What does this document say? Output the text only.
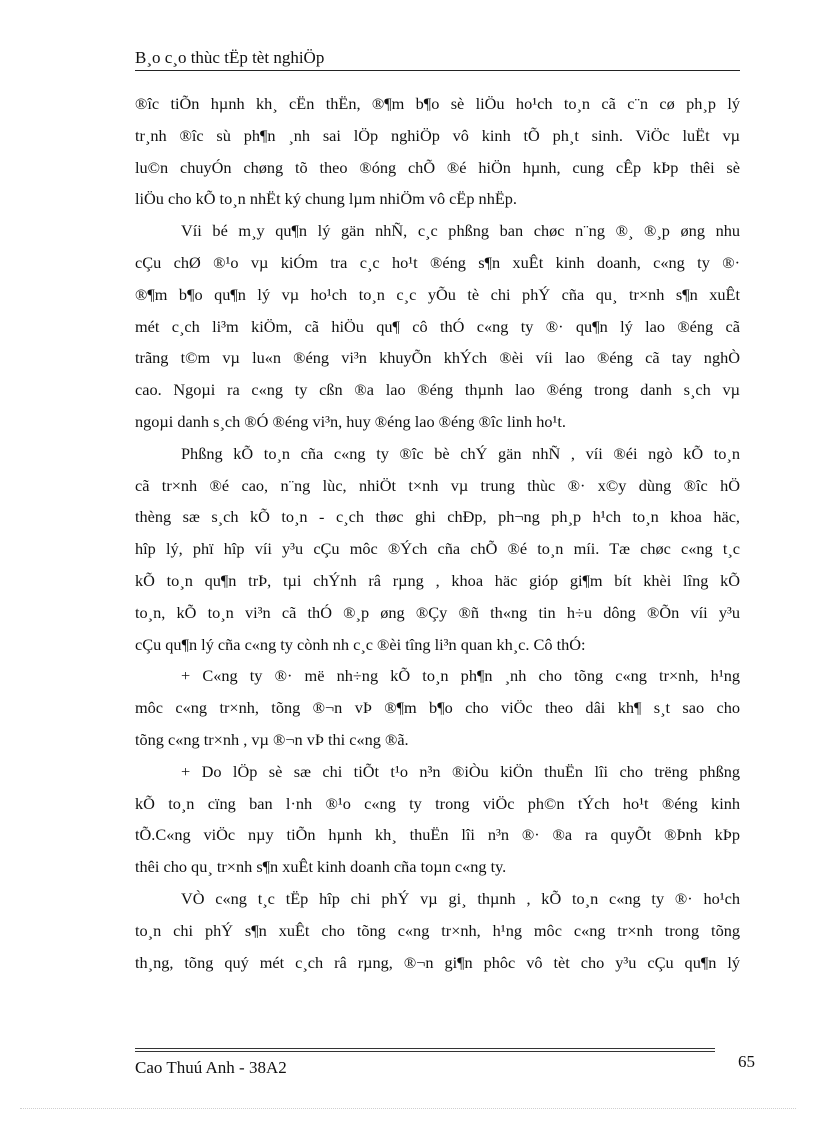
B¸o c¸o thùc tËp tèt nghiÖp
®îc tiÕn hµnh kh¸ cËn thËn, ®¶m b¶o sè liÖu ho¹ch to¸n cã c¨n cø ph¸p lý
tr¸nh ®îc sù ph¶n ¸nh sai lÖp nghiÖp vô kinh tÕ ph¸t sinh. ViÖc luËt vµ
lu©n chuyÓn chøng tõ theo ®óng chÕ ®é hiÖn hµnh, cung cÊp kÞp thêi sè
liÖu cho kÕ to¸n nhËt ký chung lµm nhiÖm vô cËp nhËp.
Víi bé m¸y qu¶n lý gän nhÑ, c¸c phßng ban chøc n¨ng ®¸ ®¸p øng nhu
cÇu chØ ®¹o vµ kiÓm tra c¸c ho¹t ®éng s¶n xuÊt kinh doanh, c«ng ty ®·
®¶m b¶o qu¶n lý vµ ho¹ch to¸n c¸c yÕu tè chi phÝ cña qu¸ tr×nh s¶n xuÊt
mét c¸ch li³m kiÖm, cã hiÖu qu¶ cô thÓ c«ng ty ®· qu¶n lý lao ®éng cã
trãng t©m vµ lu«n ®éng vi³n khuyÕn khÝch ®èi víi lao ®éng cã tay nghÒ
cao. Ngoµi ra c«ng ty cßn ®a lao ®éng thµnh lao ®éng trong danh s¸ch vµ
ngoµi danh s¸ch ®Ó ®éng vi³n, huy ®éng lao ®éng ®îc linh ho¹t.
Phßng kÕ to¸n cña c«ng ty ®îc bè chÝ gän nhÑ , víi ®éi ngò kÕ to¸n
cã tr×nh ®é cao, n¨ng lùc, nhiÖt t×nh vµ trung thùc ®· x©y dùng ®îc hÖ
thèng sæ s¸ch kÕ to¸n - c¸ch thøc ghi chÐp, ph¬ng ph¸p h¹ch to¸n khoa häc,
hîp lý, phï hîp víi y³u cÇu môc ®Ých cña chÕ ®é to¸n míi. Tæ chøc c«ng t¸c
kÕ to¸n qu¶n trÞ, tµi chÝnh râ rµng , khoa häc gióp gi¶m bít khèi lîng kÕ
to¸n, kÕ to¸n vi³n cã thÓ ®¸p øng ®Çy ®ñ th«ng tin h÷u dông ®Õn víi y³u
cÇu qu¶n lý cña c«ng ty cònh nh c¸c ®èi tîng li³n quan kh¸c. Cô thÓ:
+ C«ng ty ®· më nh÷ng kÕ to¸n ph¶n ¸nh cho tõng c«ng tr×nh, h¹ng
môc c«ng tr×nh, tõng ®¬n vÞ ®¶m b¶o cho viÖc theo dâi kh¶ s¸t sao cho
tõng c«ng tr×nh , vµ ®¬n vÞ thi c«ng ®ã.
+ Do lÖp sè sæ chi tiÕt t¹o n³n ®iÒu kiÖn thuËn lîi cho trëng phßng
kÕ to¸n cïng ban l·nh ®¹o c«ng ty trong viÖc ph©n tÝch ho¹t ®éng kinh
tÕ.C«ng viÖc nµy tiÕn hµnh kh¸ thuËn lîi n³n ®· ®a ra quyÕt ®Þnh kÞp
thêi cho qu¸ tr×nh s¶n xuÊt kinh doanh cña toµn c«ng ty.
VÒ c«ng t¸c tËp hîp chi phÝ vµ gi¸ thµnh , kÕ to¸n c«ng ty ®· ho¹ch
to¸n chi phÝ s¶n xuÊt cho tõng c«ng tr×nh, h¹ng môc c«ng tr×nh trong tõng
th¸ng, tõng quý mét c¸ch râ rµng, ®¬n gi¶n phôc vô tèt cho y³u cÇu qu¶n lý
Cao Thuú Anh - 38A2	65
